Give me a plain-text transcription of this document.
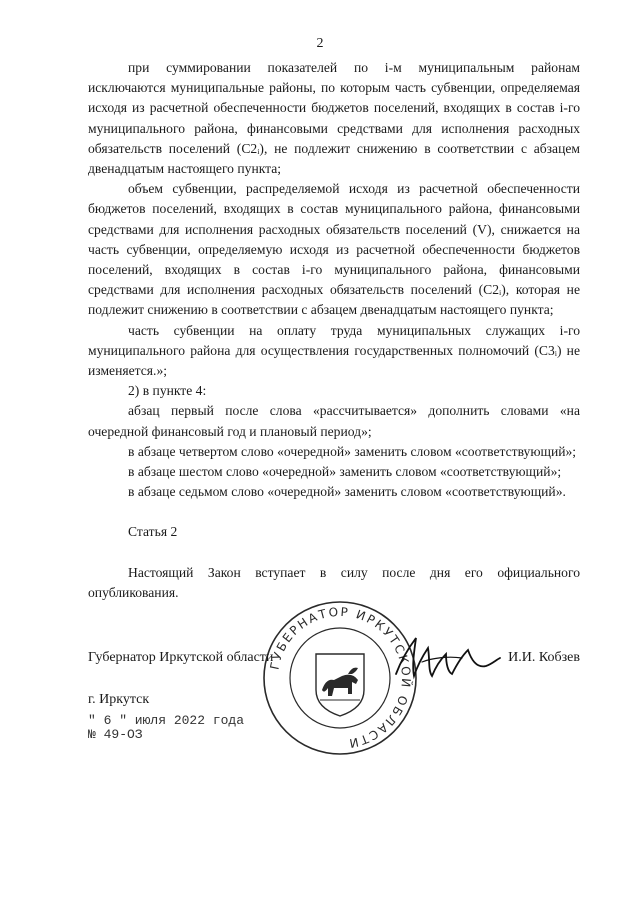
2

при суммировании показателей по i-м муниципальным районам исключаются муниципальные районы, по которым часть субвенции, определяемая исходя из расчетной обеспеченности бюджетов поселений, входящих в состав i-го муниципального района, финансовыми средствами для исполнения расходных обязательств поселений (С2ᵢ), не подлежит снижению в соответствии с абзацем двенадцатым настоящего пункта;

объем субвенции, распределяемой исходя из расчетной обеспеченности бюджетов поселений, входящих в состав муниципального района, финансовыми средствами для исполнения расходных обязательств поселений (V), снижается на часть субвенции, определяемую исходя из расчетной обеспеченности бюджетов поселений, входящих в состав i-го муниципального района, финансовыми средствами для исполнения расходных обязательств поселений (С2ᵢ), которая не подлежит снижению в соответствии с абзацем двенадцатым настоящего пункта;

часть субвенции на оплату труда муниципальных служащих i-го муниципального района для осуществления государственных полномочий (С3ᵢ) не изменяется.»;

2) в пункте 4:

абзац первый после слова «рассчитывается» дополнить словами «на очередной финансовый год и плановый период»;

в абзаце четвертом слово «очередной» заменить словом «соответствующий»;

в абзаце шестом слово «очередной» заменить словом «соответствующий»;

в абзаце седьмом слово «очередной» заменить словом «соответствующий».

Статья 2

Настоящий Закон вступает в силу после дня его официального опубликования.

ГУБЕРНАТОР ИРКУТСКОЙ ОБЛАСТИ
Губернатор Иркутской области	И.И. Кобзев
г. Иркутск
" 6 " июля 2022 года
№ 49-ОЗ
